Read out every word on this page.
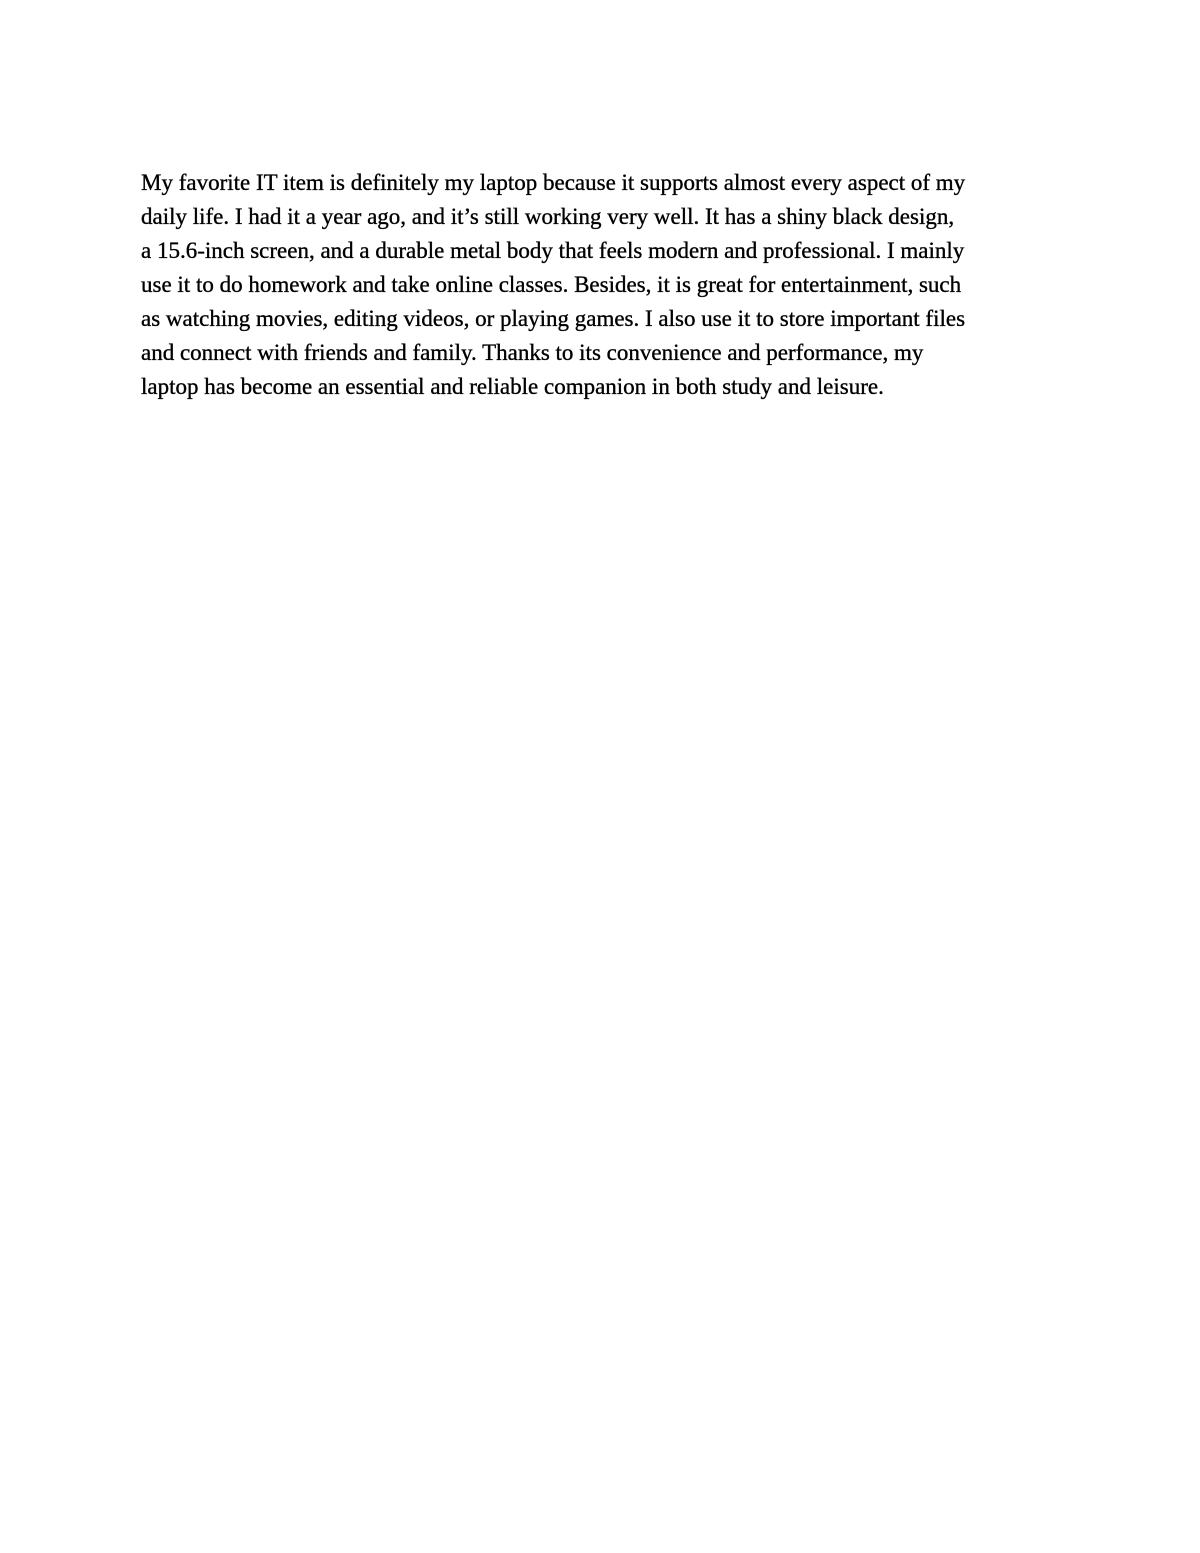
My favorite IT item is definitely my laptop because it supports almost every aspect of my
daily life. I had it a year ago, and it’s still working very well. It has a shiny black design,
a 15.6-inch screen, and a durable metal body that feels modern and professional. I mainly
use it to do homework and take online classes. Besides, it is great for entertainment, such
as watching movies, editing videos, or playing games. I also use it to store important files
and connect with friends and family. Thanks to its convenience and performance, my
laptop has become an essential and reliable companion in both study and leisure.
